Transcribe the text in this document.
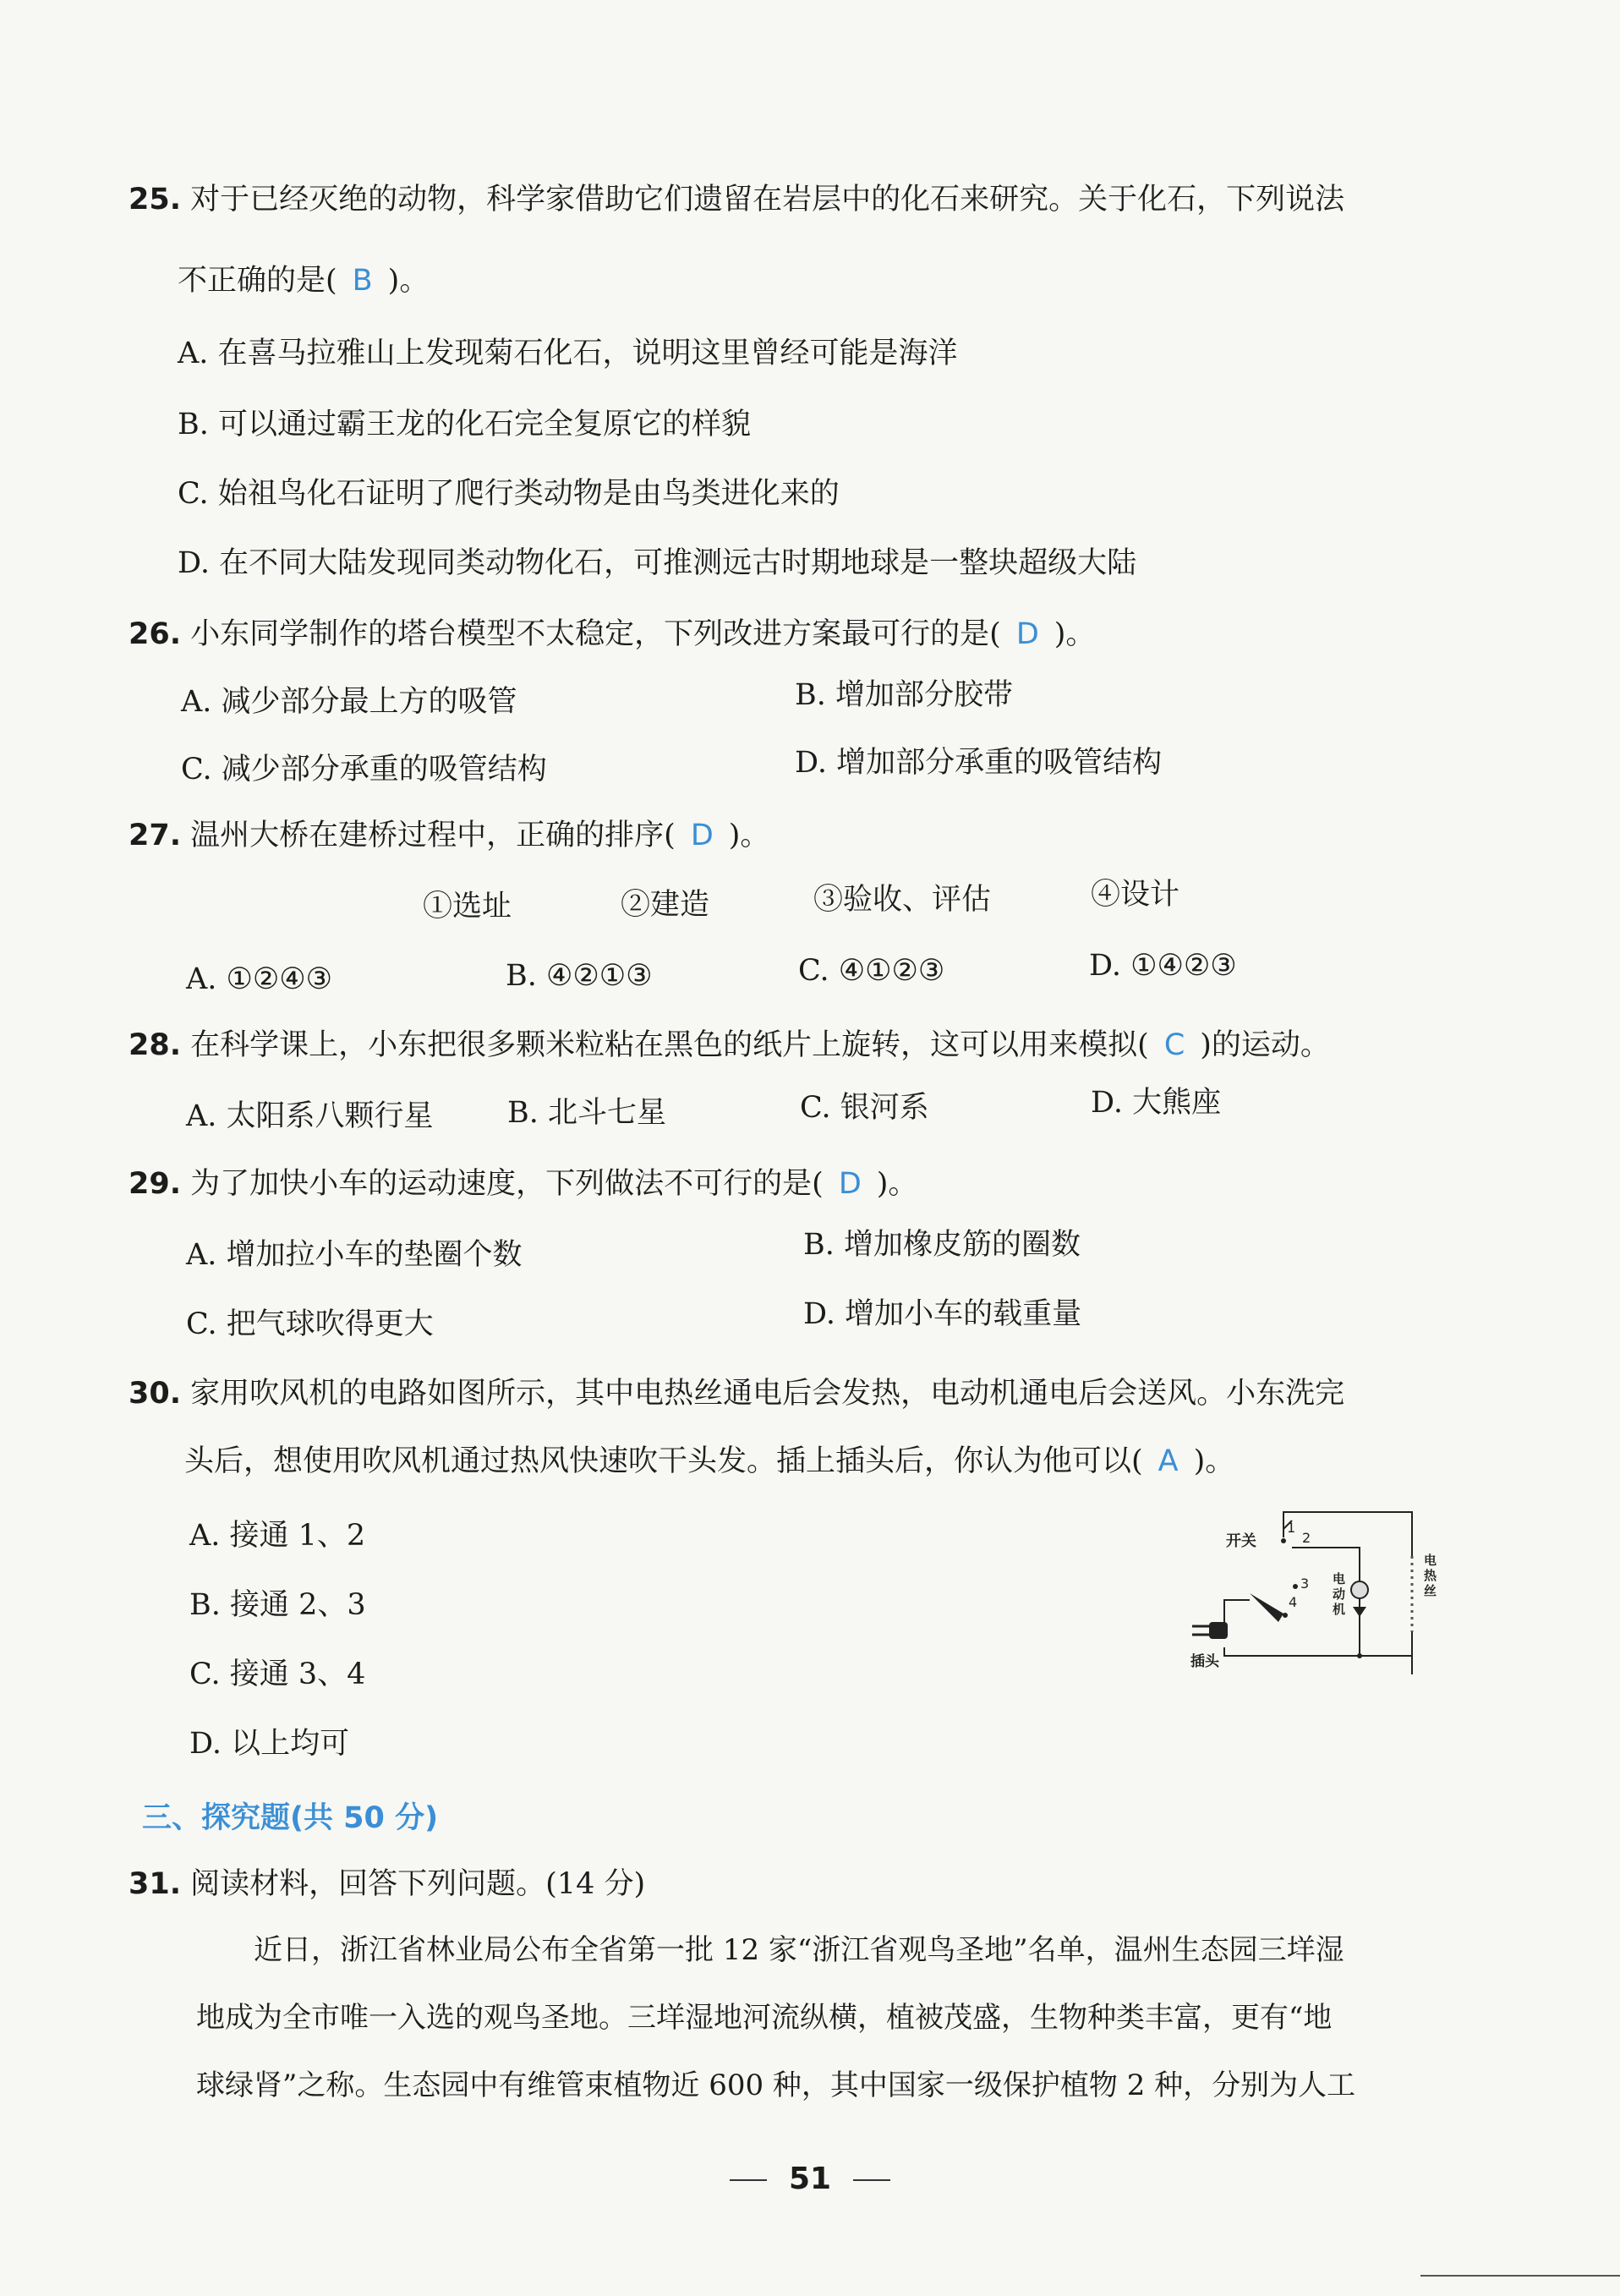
25. 对于已经灭绝的动物，科学家借助它们遗留在岩层中的化石来研究。关于化石，下列说法
不正确的是( B )。
A. 在喜马拉雅山上发现菊石化石，说明这里曾经可能是海洋
B. 可以通过霸王龙的化石完全复原它的样貌
C. 始祖鸟化石证明了爬行类动物是由鸟类进化来的
D. 在不同大陆发现同类动物化石，可推测远古时期地球是一整块超级大陆
26. 小东同学制作的塔台模型不太稳定，下列改进方案最可行的是( D )。
A. 减少部分最上方的吸管	B. 增加部分胶带
C. 减少部分承重的吸管结构	D. 增加部分承重的吸管结构
27. 温州大桥在建桥过程中，正确的排序( D )。
①选址	②建造	③验收、评估	④设计
A. ①②④③	B. ④②①③	C. ④①②③	D. ①④②③
28. 在科学课上，小东把很多颗米粒粘在黑色的纸片上旋转，这可以用来模拟( C )的运动。
A. 太阳系八颗行星 B. 北斗七星	C. 银河系	D. 大熊座
29. 为了加快小车的运动速度，下列做法不可行的是( D )。
A. 增加拉小车的垫圈个数	B. 增加橡皮筋的圈数
C. 把气球吹得更大	D. 增加小车的载重量
30. 家用吹风机的电路如图所示，其中电热丝通电后会发热，电动机通电后会送风。小东洗完
头后，想使用吹风机通过热风快速吹干头发。插上插头后，你认为他可以( A )。
A. 接通 1、2
B. 接通 2、3
C. 接通 3、4
D. 以上均可
开关
插头
1
2
3
4
电
动
机
电
热
丝
三、探究题(共 50 分)
31. 阅读材料，回答下列问题。(14 分)
近日，浙江省林业局公布全省第一批 12 家“浙江省观鸟圣地”名单，温州生态园三垟湿
地成为全市唯一入选的观鸟圣地。三垟湿地河流纵横，植被茂盛，生物种类丰富，更有“地
球绿肾”之称。生态园中有维管束植物近 600 种，其中国家一级保护植物 2 种，分别为人工
51
